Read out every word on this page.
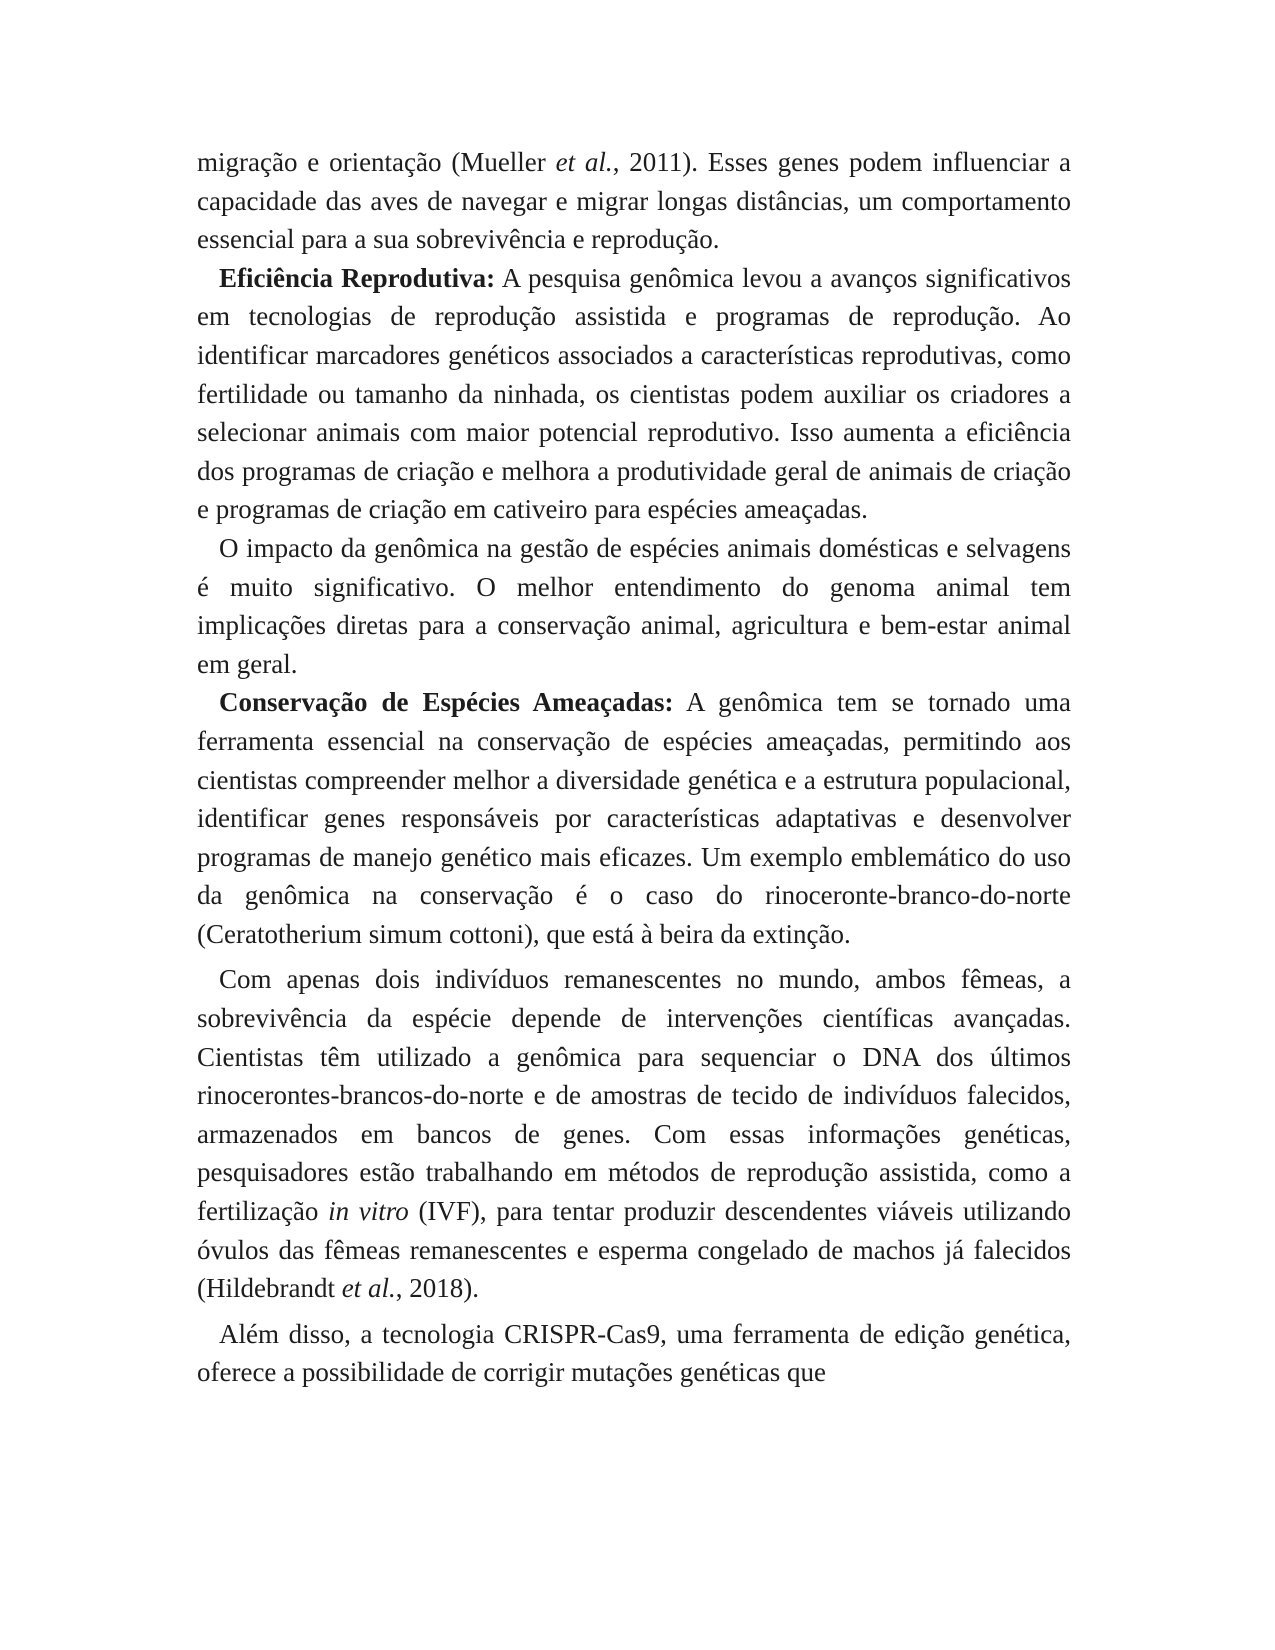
migração e orientação (Mueller et al., 2011). Esses genes podem influenciar a capacidade das aves de navegar e migrar longas distâncias, um comportamento essencial para a sua sobrevivência e reprodução.

Eficiência Reprodutiva: A pesquisa genômica levou a avanços significativos em tecnologias de reprodução assistida e programas de reprodução. Ao identificar marcadores genéticos associados a características reprodutivas, como fertilidade ou tamanho da ninhada, os cientistas podem auxiliar os criadores a selecionar animais com maior potencial reprodutivo. Isso aumenta a eficiência dos programas de criação e melhora a produtividade geral de animais de criação e programas de criação em cativeiro para espécies ameaçadas.

O impacto da genômica na gestão de espécies animais domésticas e selvagens é muito significativo. O melhor entendimento do genoma animal tem implicações diretas para a conservação animal, agricultura e bem-estar animal em geral.

Conservação de Espécies Ameaçadas: A genômica tem se tornado uma ferramenta essencial na conservação de espécies ameaçadas, permitindo aos cientistas compreender melhor a diversidade genética e a estrutura populacional, identificar genes responsáveis por características adaptativas e desenvolver programas de manejo genético mais eficazes. Um exemplo emblemático do uso da genômica na conservação é o caso do rinoceronte-branco-do-norte (Ceratotherium simum cottoni), que está à beira da extinção.

Com apenas dois indivíduos remanescentes no mundo, ambos fêmeas, a sobrevivência da espécie depende de intervenções científicas avançadas. Cientistas têm utilizado a genômica para sequenciar o DNA dos últimos rinocerontes-brancos-do-norte e de amostras de tecido de indivíduos falecidos, armazenados em bancos de genes. Com essas informações genéticas, pesquisadores estão trabalhando em métodos de reprodução assistida, como a fertilização in vitro (IVF), para tentar produzir descendentes viáveis utilizando óvulos das fêmeas remanescentes e esperma congelado de machos já falecidos (Hildebrandt et al., 2018).

Além disso, a tecnologia CRISPR-Cas9, uma ferramenta de edição genética, oferece a possibilidade de corrigir mutações genéticas que
